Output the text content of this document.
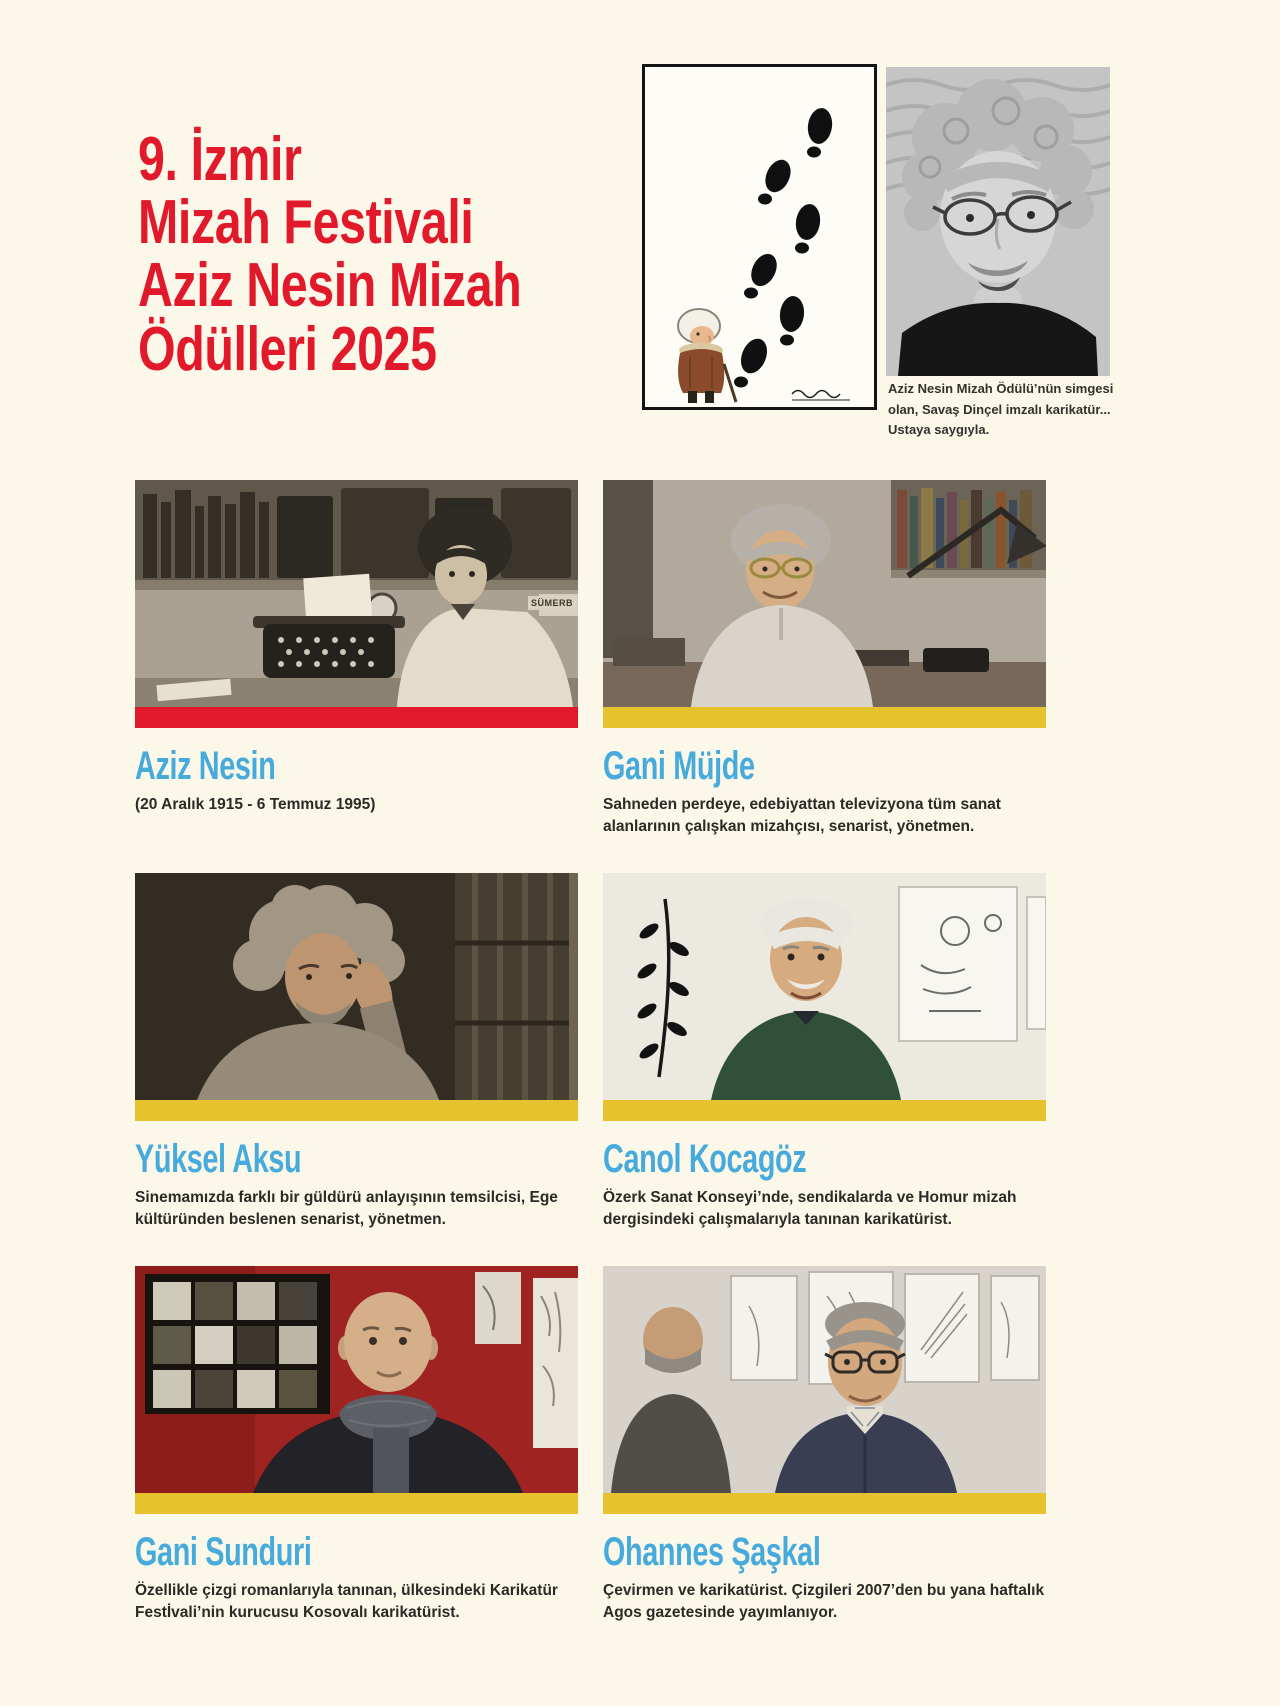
9. İzmir
Mizah Festivali
Aziz Nesin Mizah
Ödülleri 2025

Aziz Nesin Mizah Ödülü’nün simgesi olan, Savaş Dinçel imzalı karikatür... Ustaya saygıyla.

SÜMERB
Aziz Nesin

(20 Aralık 1915 - 6 Temmuz 1995)

Gani Müjde

Sahneden perdeye, edebiyattan televizyona tüm sanat alanlarının çalışkan mizahçısı, senarist, yönetmen.

Yüksel Aksu

Sinemamızda farklı bir güldürü anlayışının temsilcisi, Ege kültüründen beslenen senarist, yönetmen.

Canol Kocagöz

Özerk Sanat Konseyi’nde, sendikalarda ve Homur mizah dergisindeki çalışmalarıyla tanınan karikatürist.

Gani Sunduri

Özellikle çizgi romanlarıyla tanınan, ülkesindeki Karikatür Festİvali’nin kurucusu Kosovalı karikatürist.

Ohannes Şaşkal

Çevirmen ve karikatürist. Çizgileri 2007’den bu yana haftalık Agos gazetesinde yayımlanıyor.
